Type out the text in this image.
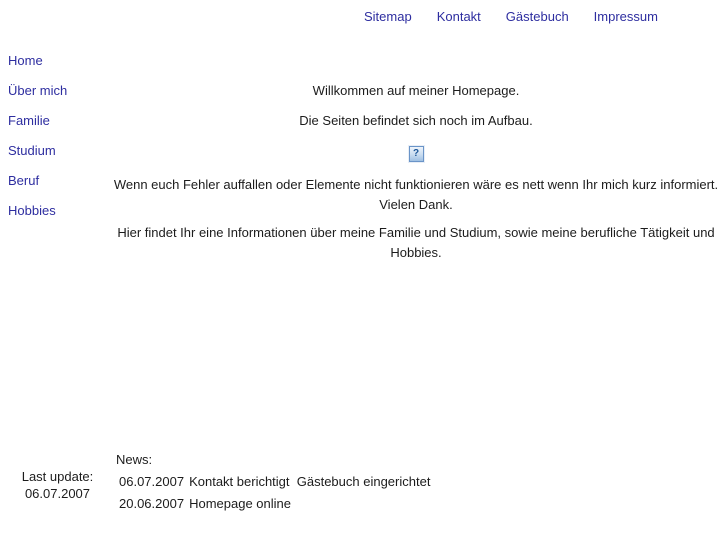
Sitemap Kontakt Gästebuch Impressum
Home
Über mich
Familie
Studium
Beruf
Hobbies

Willkommen auf meiner Homepage.

Die Seiten befindet sich noch im Aufbau.

?

Wenn euch Fehler auffallen oder Elemente nicht funktionieren wäre es nett wenn Ihr mich kurz informiert. Vielen Dank.

Hier findet Ihr eine Informationen über meine Familie und Studium, sowie meine berufliche Tätigkeit und Hobbies.

Last update:
06.07.2007

News:

06.07.2007 Kontakt berichtigt  Gästebuch eingerichtet

20.06.2007 Homepage online
